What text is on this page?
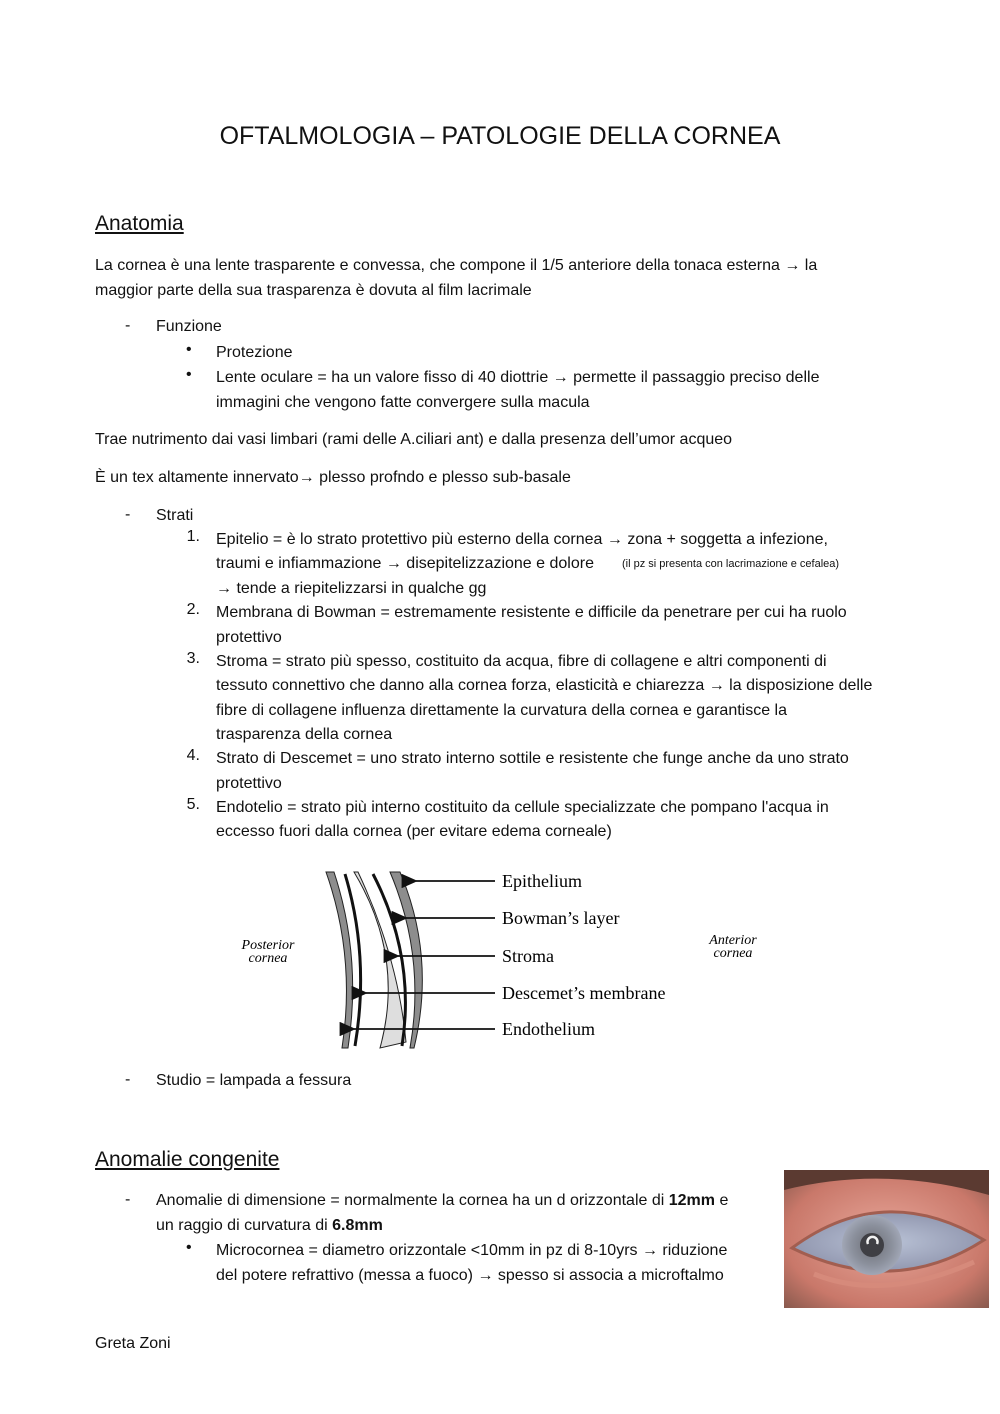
OFTALMOLOGIA – PATOLOGIE DELLA CORNEA
Anatomia
La cornea è una lente trasparente e convessa, che compone il 1/5 anteriore della tonaca esterna → la
maggior parte della sua trasparenza è dovuta al film lacrimale
- Funzione
• Protezione
• Lente oculare = ha un valore fisso di 40 diottrie → permette il passaggio preciso delle
immagini che vengono fatte convergere sulla macula
Trae nutrimento dai vasi limbari (rami delle A.ciliari ant) e dalla presenza dell’umor acqueo
È un tex altamente innervato→ plesso profndo e plesso sub-basale
- Strati
1. Epitelio = è lo strato protettivo più esterno della cornea → zona + soggetta a infezione,
traumi e infiammazione → disepitelizzazione e dolore	(il pz si presenta con lacrimazione e cefalea)
→ tende a riepitelizzarsi in qualche gg
2. Membrana di Bowman = estremamente resistente e difficile da penetrare per cui ha ruolo
protettivo
3. Stroma = strato più spesso, costituito da acqua, fibre di collagene e altri componenti di
tessuto connettivo che danno alla cornea forza, elasticità e chiarezza → la disposizione delle
fibre di collagene influenza direttamente la curvatura della cornea e garantisce la
trasparenza della cornea
4. Strato di Descemet = uno strato interno sottile e resistente che funge anche da uno strato
protettivo
5. Endotelio = strato più interno costituito da cellule specializzate che pompano l'acqua in
eccesso fuori dalla cornea (per evitare edema corneale)
Epithelium
Bowman’s layer
Stroma
Descemet’s membrane
Endothelium
Posterior
cornea
Anterior
cornea
- Studio = lampada a fessura
Anomalie congenite
- Anomalie di dimensione = normalmente la cornea ha un d orizzontale di 12mm e
un raggio di curvatura di 6.8mm
• Microcornea = diametro orizzontale <10mm in pz di 8-10yrs → riduzione
del potere refrattivo (messa a fuoco) → spesso si associa a microftalmo
Greta Zoni
